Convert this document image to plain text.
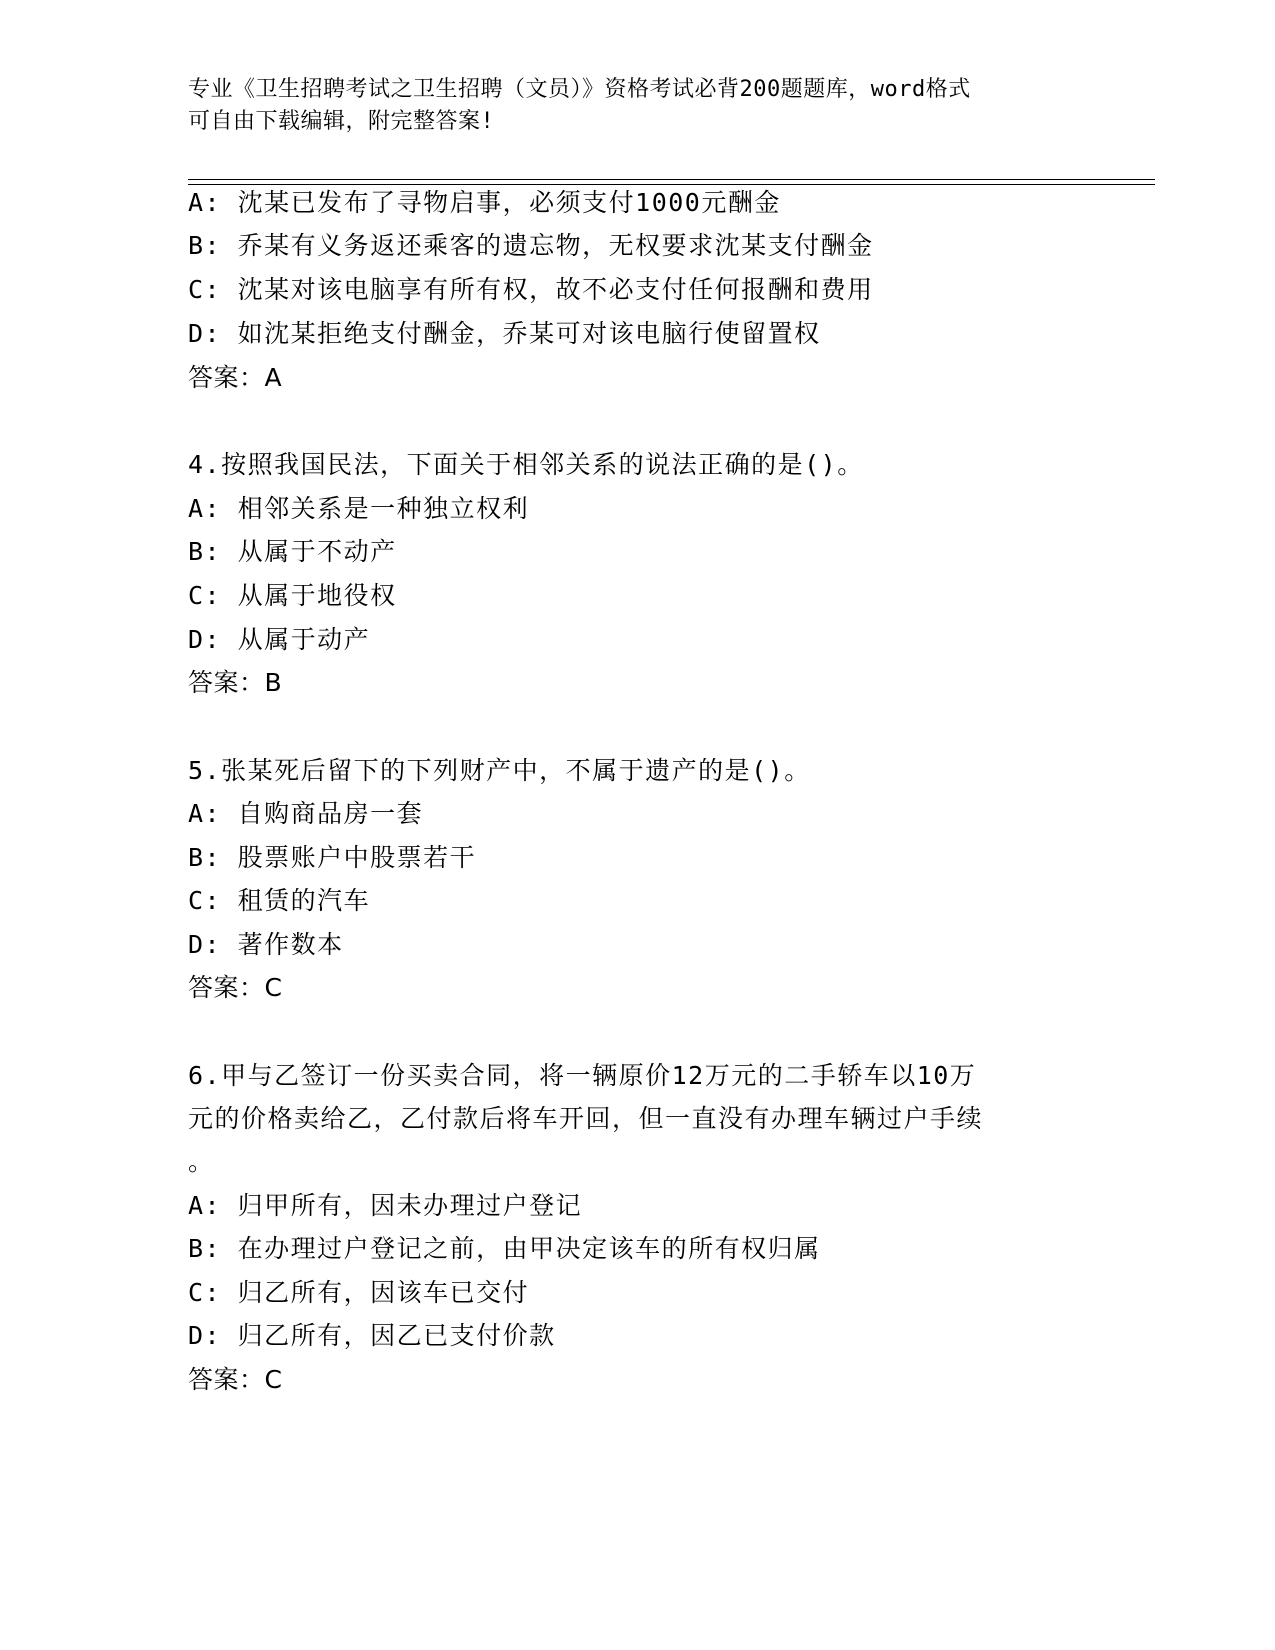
专业《卫生招聘考试之卫生招聘（文员）》资格考试必背200题题库，word格式
可自由下载编辑，附完整答案!
A: 沈某已发布了寻物启事，必须支付1000元酬金
B: 乔某有义务返还乘客的遗忘物，无权要求沈某支付酬金
C: 沈某对该电脑享有所有权，故不必支付任何报酬和费用
D: 如沈某拒绝支付酬金，乔某可对该电脑行使留置权
答案：A
4.按照我国民法，下面关于相邻关系的说法正确的是()。
A: 相邻关系是一种独立权利
B: 从属于不动产
C: 从属于地役权
D: 从属于动产
答案：B
5.张某死后留下的下列财产中，不属于遗产的是()。
A: 自购商品房一套
B: 股票账户中股票若干
C: 租赁的汽车
D: 著作数本
答案：C
6.甲与乙签订一份买卖合同，将一辆原价12万元的二手轿车以10万
元的价格卖给乙，乙付款后将车开回，但一直没有办理车辆过户手续
。
A: 归甲所有，因未办理过户登记
B: 在办理过户登记之前，由甲决定该车的所有权归属
C: 归乙所有，因该车已交付
D: 归乙所有，因乙已支付价款
答案：C
